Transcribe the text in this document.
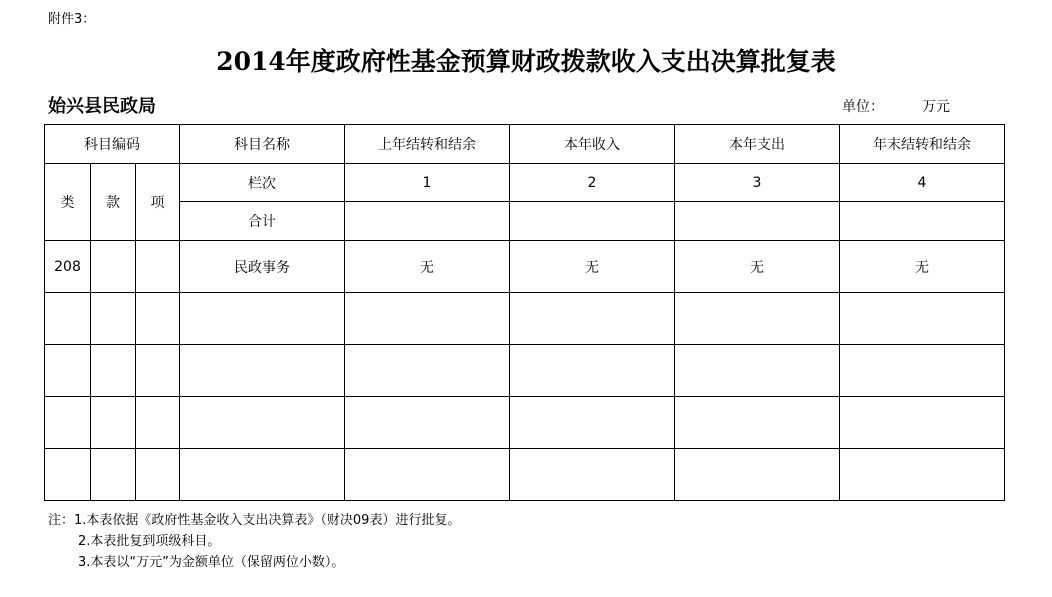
附件3：
2014年度政府性基金预算财政拨款收入支出决算批复表
始兴县民政局	单位：	万元
科目编码			科目名称	上年结转和结余	本年收入	本年支出	年末结转和结余
类	款	项	栏次	1	2	3	4
			合计				
208			民政事务	无	无	无	无

注：1.本表依据《政府性基金收入支出决算表》（财决09表）进行批复。
2.本表批复到项级科目。
3.本表以“万元”为金额单位（保留两位小数）。
